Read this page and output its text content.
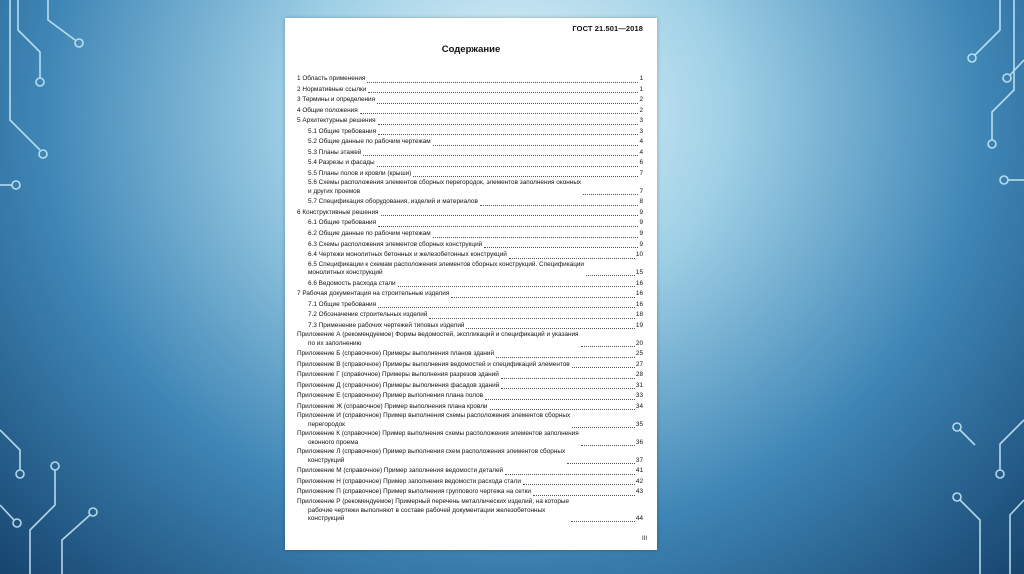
ГОСТ 21.501—2018
Содержание
1 Область применения	1
2 Нормативные ссылки	1
3 Термины и определения	2
4 Общие положения	2
5 Архитектурные решения	3
5.1 Общие требования	3
5.2 Общие данные по рабочим чертежам	4
5.3 Планы этажей	4
5.4 Разрезы и фасады	6
5.5 Планы полов и кровли (крыши)	7
5.6 Схемы расположения элементов сборных перегородок, элементов заполнения оконных
и других проемов	7
5.7 Спецификация оборудования, изделий и материалов	8
6 Конструктивные решения	9
6.1 Общие требования	9
6.2 Общие данные по рабочим чертежам	9
6.3 Схемы расположения элементов сборных конструкций	9
6.4 Чертежи монолитных бетонных и железобетонных конструкций	10
6.5 Спецификации к схемам расположения элементов сборных конструкций. Спецификации
монолитных конструкций	15
6.6 Ведомость расхода стали	16
7 Рабочая документация на строительные изделия	16
7.1 Общие требования	16
7.2 Обозначение строительных изделий	18
7.3 Применение рабочих чертежей типовых изделий	19
Приложение А (рекомендуемое) Формы ведомостей, экспликаций и спецификаций и указания
по их заполнению	20
Приложение Б (справочное) Примеры выполнения планов зданий	25
Приложение В (справочное) Примеры выполнения ведомостей и спецификаций элементов	27
Приложение Г (справочное) Примеры выполнения разрезов зданий	28
Приложение Д (справочное) Примеры выполнения фасадов зданий	31
Приложение Е (справочное) Пример выполнения плана полов	33
Приложение Ж (справочное) Пример выполнения плана кровли	34
Приложение И (справочное) Пример выполнения схемы расположения элементов сборных
перегородок	35
Приложение К (справочное) Пример выполнения схемы расположения элементов заполнения
оконного проема	36
Приложение Л (справочное) Пример выполнения схем расположения элементов сборных
конструкций	37
Приложение М (справочное) Пример заполнения ведомости деталей	41
Приложение Н (справочное) Пример заполнения ведомости расхода стали	42
Приложение П (справочное) Пример выполнения группового чертежа на сетки	43
Приложение Р (рекомендуемое) Примерный перечень металлических изделий, на которые
рабочие чертежи выполняют в составе рабочей документации железобетонных
конструкций	44
III
